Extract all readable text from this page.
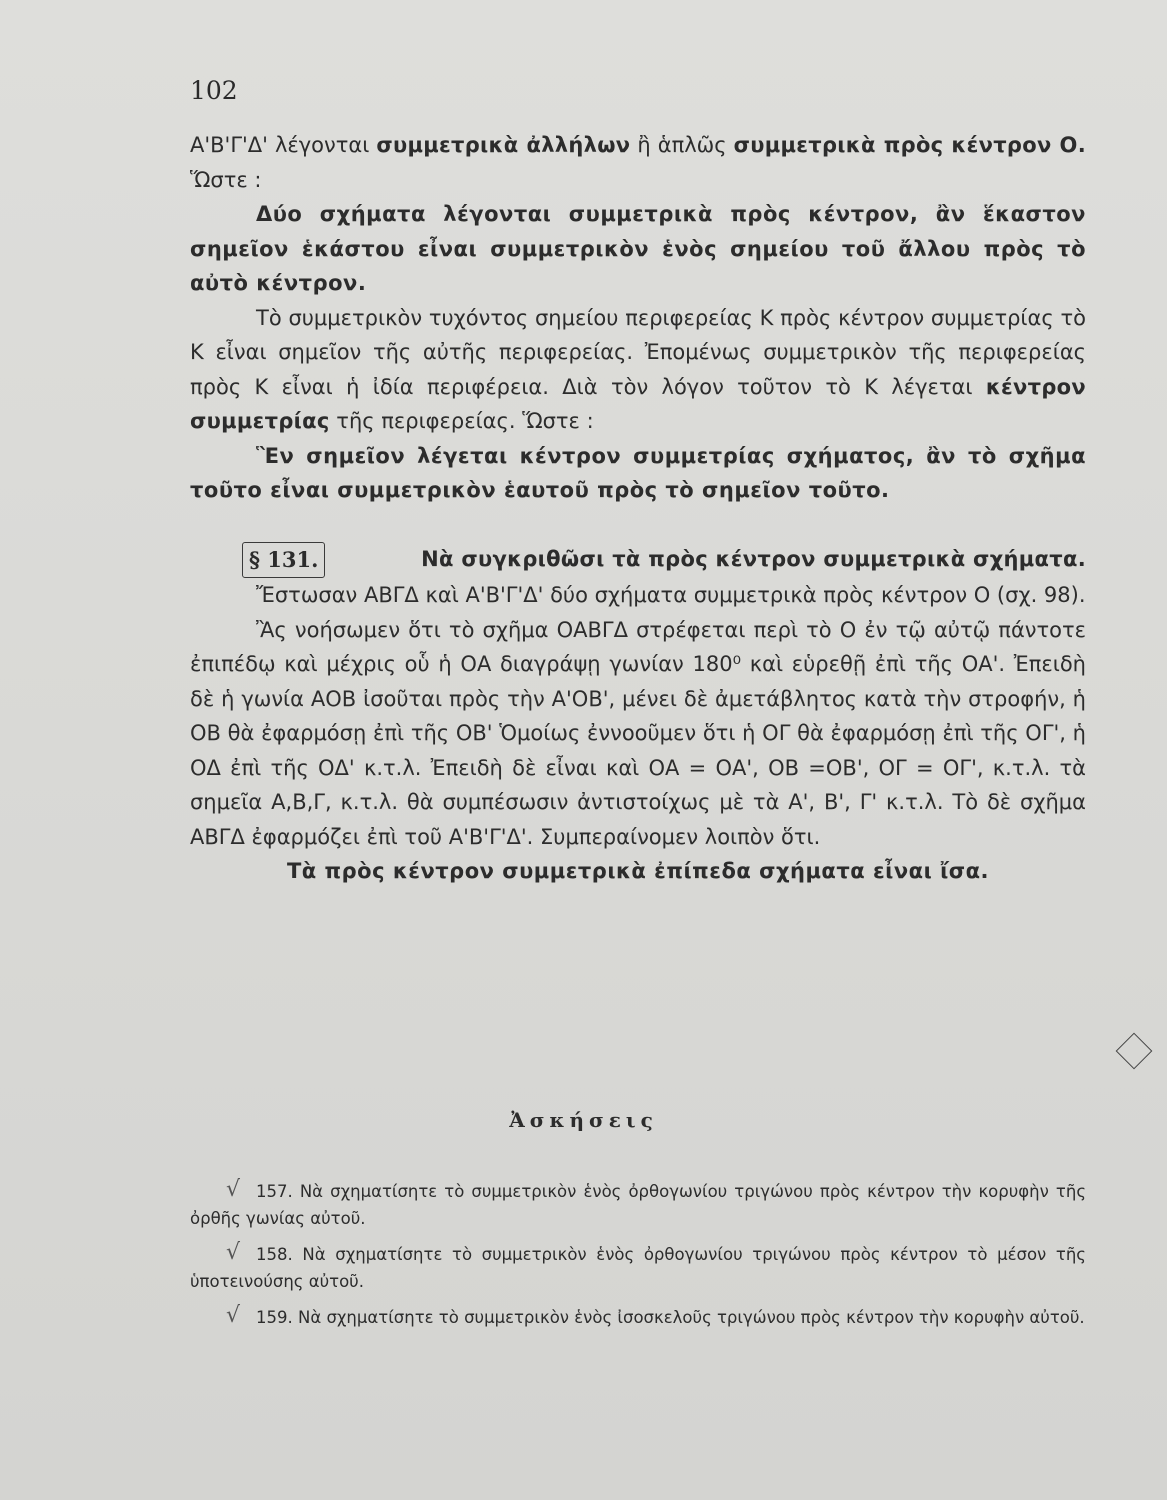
102

Α'Β'Γ'Δ' λέγονται συμμετρικὰ ἀλλήλων ἢ ἁπλῶς συμμετρικὰ πρὸς κέντρον Ο. Ὥστε :

Δύο σχήματα λέγονται συμμετρικὰ πρὸς κέντρον, ἂν ἕκαστον σημεῖον ἑκάστου εἶναι συμμετρικὸν ἑνὸς σημείου τοῦ ἄλλου πρὸς τὸ αὐτὸ κέντρον.

Τὸ συμμετρικὸν τυχόντος σημείου περιφερείας Κ πρὸς κέντρον συμμετρίας τὸ Κ εἶναι σημεῖον τῆς αὐτῆς περιφερείας. Ἐπομένως συμμετρικὸν τῆς περιφερείας πρὸς Κ εἶναι ἡ ἰδία περιφέρεια. Διὰ τὸν λόγον τοῦτον τὸ Κ λέγεται κέντρον συμμετρίας τῆς περιφερείας. Ὥστε :

Ἓν σημεῖον λέγεται κέντρον συμμετρίας σχήματος, ἂν τὸ σχῆμα τοῦτο εἶναι συμμετρικὸν ἑαυτοῦ πρὸς τὸ σημεῖον τοῦτο.

§ 131.	Νὰ συγκριθῶσι τὰ πρὸς κέντρον συμμετρικὰ σχήματα.

Ἔστωσαν ΑΒΓΔ καὶ Α'Β'Γ'Δ' δύο σχήματα συμμετρικὰ πρὸς κέντρον Ο (σχ. 98).

Ἂς νοήσωμεν ὅτι τὸ σχῆμα ΟΑΒΓΔ στρέφεται περὶ τὸ Ο ἐν τῷ αὐτῷ πάντοτε ἐπιπέδῳ καὶ μέχρις οὗ ἡ ΟΑ διαγράψῃ γωνίαν 180⁰ καὶ εὑρεθῇ ἐπὶ τῆς ΟΑ'. Ἐπειδὴ δὲ ἡ γωνία ΑΟΒ ἰσοῦται πρὸς τὴν Α'ΟΒ', μένει δὲ ἀμετάβλητος κατὰ τὴν στροφήν, ἡ ΟΒ θὰ ἐφαρμόσῃ ἐπὶ τῆς ΟΒ' Ὁμοίως ἐννοοῦμεν ὅτι ἡ ΟΓ θὰ ἐφαρμόσῃ ἐπὶ τῆς ΟΓ', ἡ ΟΔ ἐπὶ τῆς ΟΔ' κ.τ.λ. Ἐπειδὴ δὲ εἶναι καὶ ΟΑ = ΟΑ', ΟΒ =ΟΒ', ΟΓ = ΟΓ', κ.τ.λ. τὰ σημεῖα Α,Β,Γ, κ.τ.λ. θὰ συμπέσωσιν ἀντιστοίχως μὲ τὰ Α', Β', Γ' κ.τ.λ. Τὸ δὲ σχῆμα ΑΒΓΔ ἐφαρμόζει ἐπὶ τοῦ Α'Β'Γ'Δ'. Συμπεραίνομεν λοιπὸν ὅτι.

Τὰ πρὸς κέντρον συμμετρικὰ ἐπίπεδα σχήματα εἶναι ἴσα.

Ἀσκήσεις
√ 157. Νὰ σχηματίσητε τὸ συμμετρικὸν ἑνὸς ὀρθογωνίου τριγώνου πρὸς κέντρον τὴν κορυφὴν τῆς ὀρθῆς γωνίας αὐτοῦ.

√ 158. Νὰ σχηματίσητε τὸ συμμετρικὸν ἑνὸς ὀρθογωνίου τριγώνου πρὸς κέντρον τὸ μέσον τῆς ὑποτεινούσης αὐτοῦ.

√ 159. Νὰ σχηματίσητε τὸ συμμετρικὸν ἑνὸς ἰσοσκελοῦς τριγώνου πρὸς κέντρον τὴν κορυφὴν αὐτοῦ.
